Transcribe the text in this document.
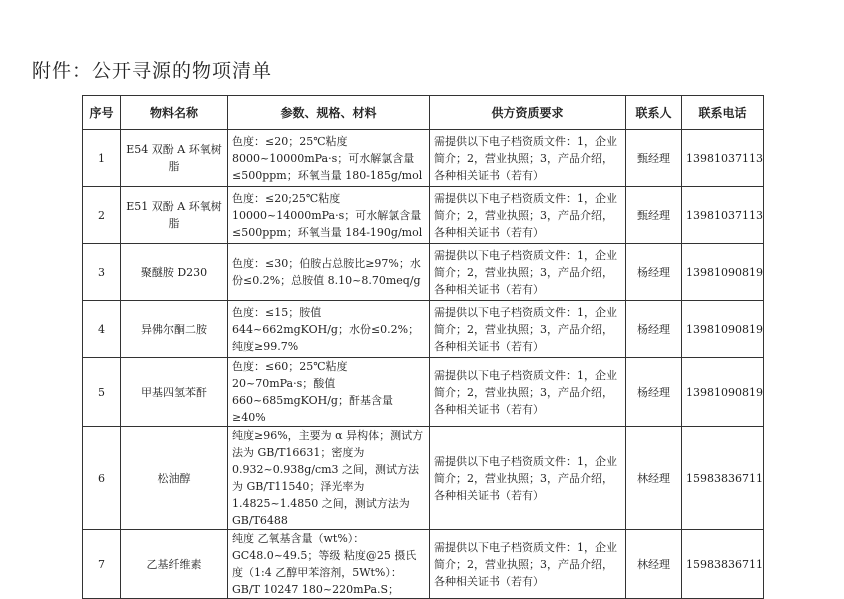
附件：公开寻源的物项清单
序号	物料名称	参数、规格、材料	供方资质要求	联系人	联系电话
1	E54 双酚 A 环氧树脂	色度：≤20；25℃粘度 8000~10000mPa·s；可水解氯含量≤500ppm；环氧当量 180-185g/mol	需提供以下电子档资质文件：1，企业简介；2，营业执照；3，产品介绍，各种相关证书（若有）	甄经理	13981037113
2	E51 双酚 A 环氧树脂	色度：≤20;25℃粘度 10000~14000mPa·s；可水解氯含量≤500ppm；环氧当量 184-190g/mol	需提供以下电子档资质文件：1，企业简介；2，营业执照；3，产品介绍，各种相关证书（若有）	甄经理	13981037113
3	聚醚胺 D230	色度：≤30；伯胺占总胺比≥97%；水份≤0.2%；总胺值 8.10~8.70meq/g	需提供以下电子档资质文件：1，企业简介；2，营业执照；3，产品介绍，各种相关证书（若有）	杨经理	13981090819
4	异佛尔酮二胺	色度：≤15；胺值 644~662mgKOH/g；水份≤0.2%；纯度≥99.7%	需提供以下电子档资质文件：1，企业简介；2，营业执照；3，产品介绍，各种相关证书（若有）	杨经理	13981090819
5	甲基四氢苯酐	色度：≤60；25℃粘度 20~70mPa·s；酸值 660~685mgKOH/g；酐基含量≥40%	需提供以下电子档资质文件：1，企业简介；2，营业执照；3，产品介绍，各种相关证书（若有）	杨经理	13981090819
6	松油醇	纯度≥96%，主要为 α 异构体；测试方法为 GB/T16631；密度为 0.932~0.938g/cm3 之间，测试方法为 GB/T11540；泽光率为 1.4825~1.4850 之间，测试方法为 GB/T6488	需提供以下电子档资质文件：1，企业简介；2，营业执照；3，产品介绍，各种相关证书（若有）	林经理	15983836711
7	乙基纤维素	纯度 乙氧基含量（wt%）：GC48.0~49.5；等级 粘度@25 摄氏度（1:4 乙醇甲苯溶剂，5Wt%）：GB/T 10247 180~220mPa.S；	需提供以下电子档资质文件：1，企业简介；2，营业执照；3，产品介绍，各种相关证书（若有）	林经理	15983836711
